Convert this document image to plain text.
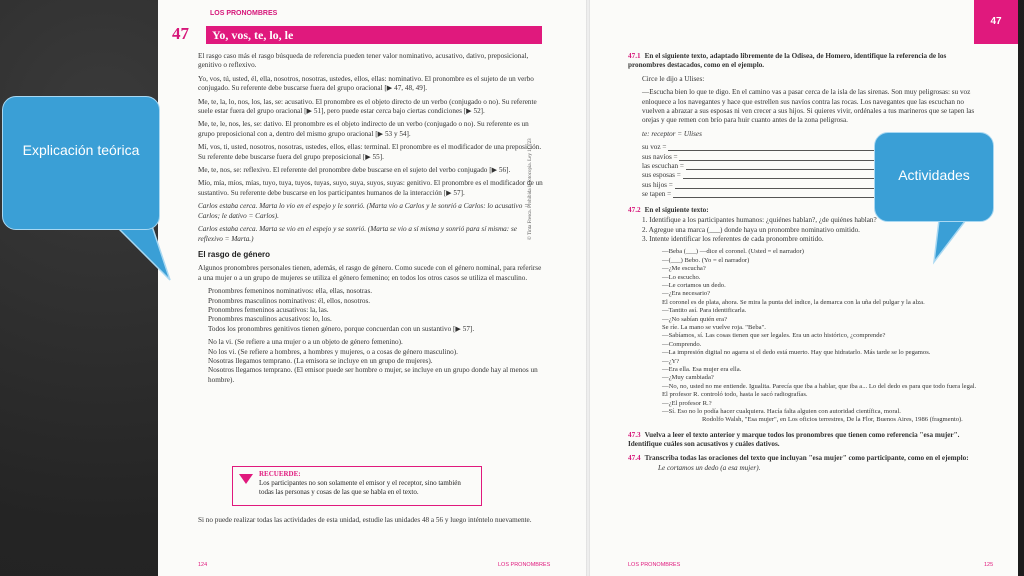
LOS PRONOMBRES
47	Yo, vos, te, lo, le

El rasgo caso más el rasgo búsqueda de referencia pueden tener valor nominativo, acusativo, dativo, preposicional, genitivo o reflexivo.

Yo, vos, tú, usted, él, ella, nosotros, nosotras, ustedes, ellos, ellas: nominativo. El pronombre es el sujeto de un verbo conjugado. Su referente debe buscarse fuera del grupo oracional [▶ 47, 48, 49].

Me, te, la, lo, nos, los, las, se: acusativo. El pronombre es el objeto directo de un verbo (conjugado o no). Su referente suele estar fuera del grupo oracional [▶ 51], pero puede estar cerca bajo ciertas condiciones [▶ 52].

Me, te, le, nos, les, se: dativo. El pronombre es el objeto indirecto de un verbo (conjugado o no). Su referente es un grupo preposicional con a, dentro del mismo grupo oracional [▶ 53 y 54].

Mí, vos, ti, usted, nosotros, nosotras, ustedes, ellos, ellas: terminal. El pronombre es el modificador de una preposición. Su referente debe buscarse fuera del grupo preposicional [▶ 55].

Me, te, nos, se: reflexivo. El referente del pronombre debe buscarse en el sujeto del verbo conjugado [▶ 56].

Mío, mía, míos, mías, tuyo, tuya, tuyos, tuyas, suyo, suya, suyos, suyas: genitivo. El pronombre es el modificador de un sustantivo. Su referente debe buscarse en los participantes humanos de la interacción [▶ 57].

Carlos estaba cerca. Marta lo vio en el espejo y le sonrió. (Marta vio a Carlos y le sonrió a Carlos: lo acusativo = Carlos; le dativo = Carlos).

Carlos estaba cerca. Marta se vio en el espejo y se sonrió. (Marta se vio a sí misma y sonrió para sí misma: se reflexivo = Marta.)

El rasgo de género

Algunos pronombres personales tienen, además, el rasgo de género. Como sucede con el género nominal, para referirse a una mujer o a un grupo de mujeres se utiliza el género femenino; en todos los otros casos se utiliza el masculino.

Pronombres femeninos nominativos: ella, ellas, nosotras.
Pronombres masculinos nominativos: él, ellos, nosotros.
Pronombres femeninos acusativos: la, las.
Pronombres masculinos acusativos: lo, los.
Todos los pronombres genitivos tienen género, porque concuerdan con un sustantivo [▶ 57].
No la vi. (Se refiere a una mujer o a un objeto de género femenino).
No los vi. (Se refiere a hombres, a hombres y mujeres, o a cosas de género masculino).
Nosotras llegamos temprano. (La emisora se incluye en un grupo de mujeres).
Nosotros llegamos temprano. (El emisor puede ser hombre o mujer, se incluye en un grupo donde hay al menos un hombre).
RECUERDE:
Los participantes no son solamente el emisor y el receptor, sino también todas las personas y cosas de las que se habla en el texto.
Si no puede realizar todas las actividades de esta unidad, estudie las unidades 48 a 56 y luego inténtelo nuevamente.
124	LOS PRONOMBRES
© Tinta Fresca. Prohibida la fotocopia. Ley 11.723
47

47.1 En el siguiente texto, adaptado libremente de la Odisea, de Homero, identifique la referencia de los pronombres destacados, como en el ejemplo.

Circe le dijo a Ulises:

—Escucha bien lo que te digo. En el camino vas a pasar cerca de la isla de las sirenas. Son muy peligrosas: su voz enloquece a los navegantes y hace que estrellen sus navíos contra las rocas. Los navegantes que las escuchan no vuelven a abrazar a sus esposas ni ven crecer a sus hijos. Si quieres vivir, ordénales a tus marineros que se tapen las orejas y que remen con brío para huir cuanto antes de la zona peligrosa.

te: receptor = Ulises

su voz =
sus navíos =
las escuchan =
sus esposas =
sus hijos =
se tapen =

47.2 En el siguiente texto:

1. Identifique a los participantes humanos: ¿quiénes hablan?, ¿de quiénes hablan?
2. Agregue una marca (___) donde haya un pronombre nominativo omitido.
3. Intente identificar los referentes de cada pronombre omitido.
—Beba (___) —dice el coronel. (Usted = el narrador)
—(___) Bebo. (Yo = el narrador)
—¿Me escucha?
—Lo escucho.
—Le cortamos un dedo.
—¿Era necesario?
El coronel es de plata, ahora. Se mira la punta del índice, la demarca con la uña del pulgar y la alza.
—Tantito así. Para identificarla.
—¿No sabían quién era?
Se ríe. La mano se vuelve roja. "Beba".
—Sabíamos, sí. Las cosas tienen que ser legales. Era un acto histórico, ¿comprende?
—Comprendo.
—La impresión digital no agarra si el dedo está muerto. Hay que hidratarlo. Más tarde se lo pegamos.
—¿Y?
—Era ella. Esa mujer era ella.
—¿Muy cambiada?
—No, no, usted no me entiende. Igualita. Parecía que iba a hablar, que iba a... Lo del dedo es para que todo fuera legal. El profesor R. controló todo, hasta le sacó radiografías.
—¿El profesor R.?
—Sí. Eso no lo podía hacer cualquiera. Hacía falta alguien con autoridad científica, moral.
Rodolfo Walsh, "Esa mujer", en Los oficios terrestres, De la Flor, Buenos Aires, 1986 (fragmento).

47.3 Vuelva a leer el texto anterior y marque todos los pronombres que tienen como referencia "esa mujer". Identifique cuáles son acusativos y cuáles dativos.

47.4 Transcriba todas las oraciones del texto que incluyan "esa mujer" como participante, como en el ejemplo:

Le cortamos un dedo (a esa mujer).
LOS PRONOMBRES	125
Explicación teórica
Actividades
